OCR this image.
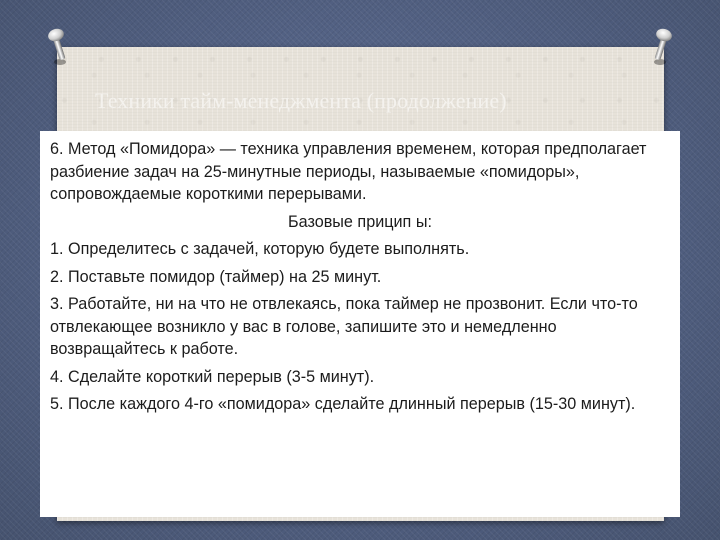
Техники тайм-менеджмента (продолжение)

6. Метод «Помидора» — техника управления временем, которая предполагает разбиение задач на 25-минутные периоды, называемые «помидоры», сопровождаемые короткими перерывами.

Базовые прицип ы:

1. Определитесь с задачей, которую будете выполнять.

2. Поставьте помидор (таймер) на 25 минут.

3. Работайте, ни на что не отвлекаясь, пока таймер не прозвонит. Если что-то отвлекающее возникло у вас в голове, запишите это и немедленно возвращайтесь к работе.

4. Сделайте короткий перерыв (3-5 минут).

5. После каждого 4-го «помидора» сделайте длинный перерыв (15-30 минут).
